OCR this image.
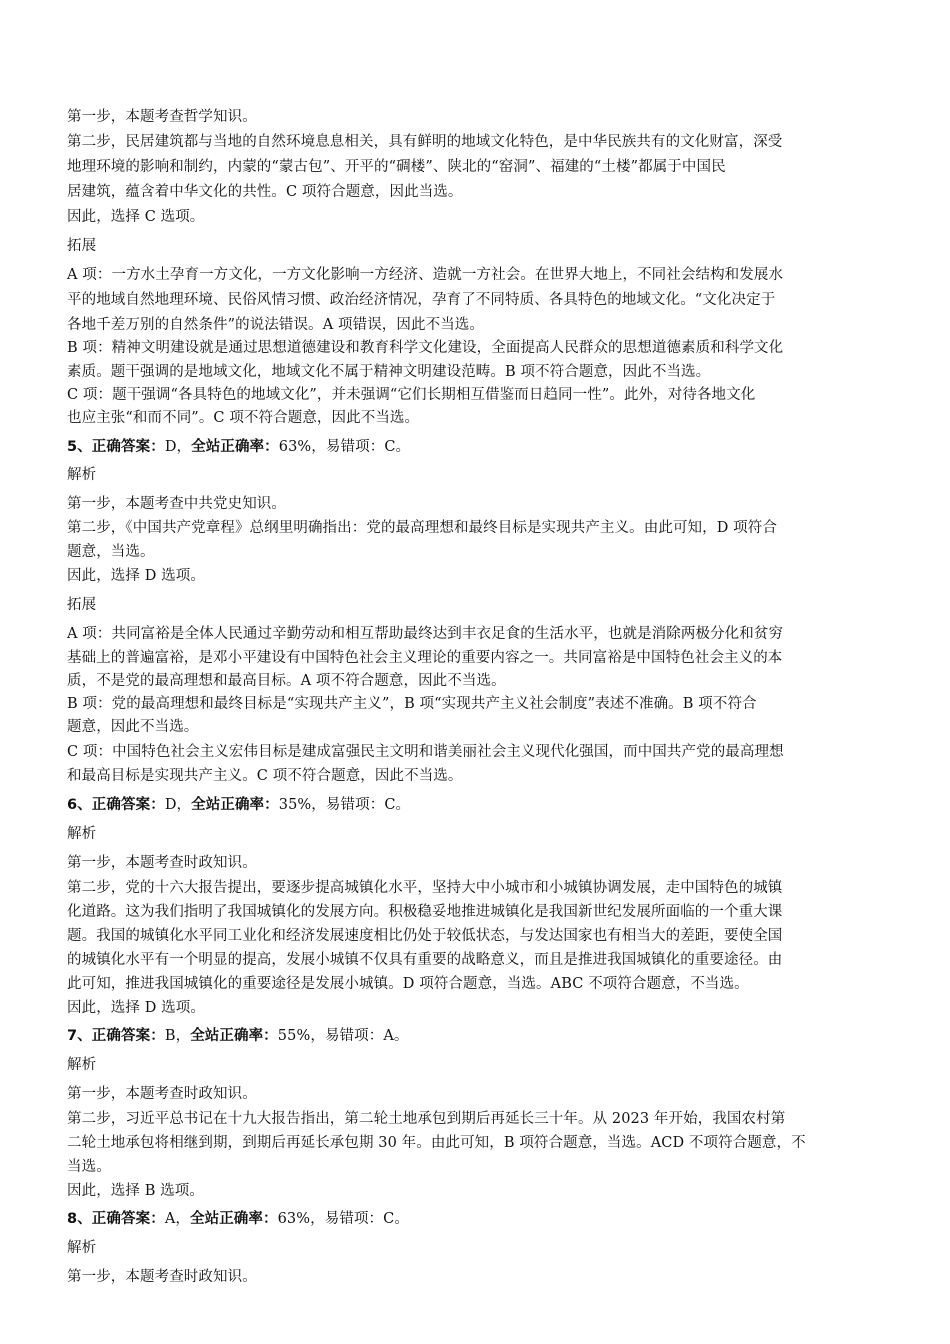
第一步，本题考查哲学知识。
第二步，民居建筑都与当地的自然环境息息相关，具有鲜明的地域文化特色，是中华民族共有的文化财富，深受
地理环境的影响和制约，内蒙的“蒙古包”、开平的“碉楼”、陕北的“窑洞”、福建的“土楼”都属于中国民
居建筑，蕴含着中华文化的共性。C 项符合题意，因此当选。
因此，选择 C 选项。
拓展
A 项：一方水土孕育一方文化，一方文化影响一方经济、造就一方社会。在世界大地上，不同社会结构和发展水
平的地域自然地理环境、民俗风情习惯、政治经济情况，孕育了不同特质、各具特色的地域文化。“文化决定于
各地千差万别的自然条件”的说法错误。A 项错误，因此不当选。
B 项：精神文明建设就是通过思想道德建设和教育科学文化建设，全面提高人民群众的思想道德素质和科学文化
素质。题干强调的是地域文化，地域文化不属于精神文明建设范畴。B 项不符合题意，因此不当选。
C 项：题干强调“各具特色的地域文化”，并未强调“它们长期相互借鉴而日趋同一性”。此外，对待各地文化
也应主张“和而不同”。C 项不符合题意，因此不当选。
5、正确答案：D，全站正确率：63%，易错项：C。
解析
第一步，本题考查中共党史知识。
第二步，《中国共产党章程》总纲里明确指出：党的最高理想和最终目标是实现共产主义。由此可知，D 项符合
题意，当选。
因此，选择 D 选项。
拓展
A 项：共同富裕是全体人民通过辛勤劳动和相互帮助最终达到丰衣足食的生活水平，也就是消除两极分化和贫穷
基础上的普遍富裕，是邓小平建设有中国特色社会主义理论的重要内容之一。共同富裕是中国特色社会主义的本
质，不是党的最高理想和最高目标。A 项不符合题意，因此不当选。
B 项：党的最高理想和最终目标是“实现共产主义”，B 项“实现共产主义社会制度”表述不准确。B 项不符合
题意，因此不当选。
C 项：中国特色社会主义宏伟目标是建成富强民主文明和谐美丽社会主义现代化强国，而中国共产党的最高理想
和最高目标是实现共产主义。C 项不符合题意，因此不当选。
6、正确答案：D，全站正确率：35%，易错项：C。
解析
第一步，本题考查时政知识。
第二步，党的十六大报告提出，要逐步提高城镇化水平，坚持大中小城市和小城镇协调发展，走中国特色的城镇
化道路。这为我们指明了我国城镇化的发展方向。积极稳妥地推进城镇化是我国新世纪发展所面临的一个重大课
题。我国的城镇化水平同工业化和经济发展速度相比仍处于较低状态，与发达国家也有相当大的差距，要使全国
的城镇化水平有一个明显的提高，发展小城镇不仅具有重要的战略意义，而且是推进我国城镇化的重要途径。由
此可知，推进我国城镇化的重要途径是发展小城镇。D 项符合题意，当选。ABC 不项符合题意，不当选。
因此，选择 D 选项。
7、正确答案：B，全站正确率：55%，易错项：A。
解析
第一步，本题考查时政知识。
第二步，习近平总书记在十九大报告指出，第二轮土地承包到期后再延长三十年。从 2023 年开始，我国农村第
二轮土地承包将相继到期，到期后再延长承包期 30 年。由此可知，B 项符合题意，当选。ACD 不项符合题意，不
当选。
因此，选择 B 选项。
8、正确答案：A，全站正确率：63%，易错项：C。
解析
第一步，本题考查时政知识。
